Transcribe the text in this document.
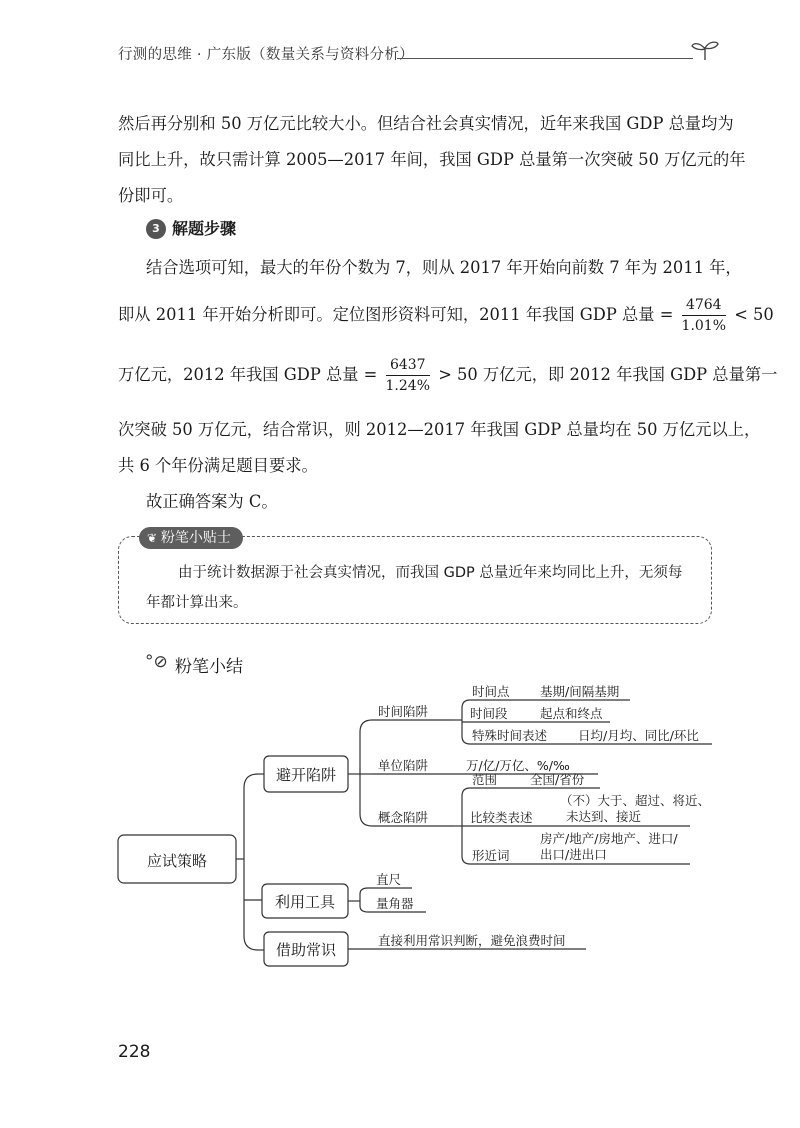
行测的思维 · 广东版（数量关系与资料分析）
然后再分别和 50 万亿元比较大小。但结合社会真实情况，近年来我国 GDP 总量均为
同比上升，故只需计算 2005—2017 年间，我国 GDP 总量第一次突破 50 万亿元的年
份即可。
3 解题步骤
结合选项可知，最大的年份个数为 7，则从 2017 年开始向前数 7 年为 2011 年，
即从 2011 年开始分析即可。定位图形资料可知，2011 年我国 GDP 总量 = $\frac{4764}{1.01\%} < 50$
万亿元，2012 年我国 GDP 总量 = $\frac{6437}{1.24\%} > 50$ 万亿元，即 2012 年我国 GDP 总量第一
次突破 50 万亿元，结合常识，则 2012—2017 年我国 GDP 总量均在 50 万亿元以上，
共 6 个年份满足题目要求。
故正确答案为 C。
❦ 粉笔小贴士
由于统计数据源于社会真实情况，而我国 GDP 总量近年来均同比上升，无须每年都计算出来。
°⊘ 粉笔小结
应试策略
避开陷阱
利用工具
借助常识
时间陷阱
单位陷阱
概念陷阱
时间点 基期/间隔基期
时间段	起点和终点
特殊时间表述 日均/月均、同比/环比
万/亿/万亿、%/‰
范围	全国/省份
比较类表述
（不）大于、超过、将近、
未达到、接近
形近词
房产/地产/房地产、进口/
出口/进出口
直尺
量角器
直接利用常识判断，避免浪费时间
228
